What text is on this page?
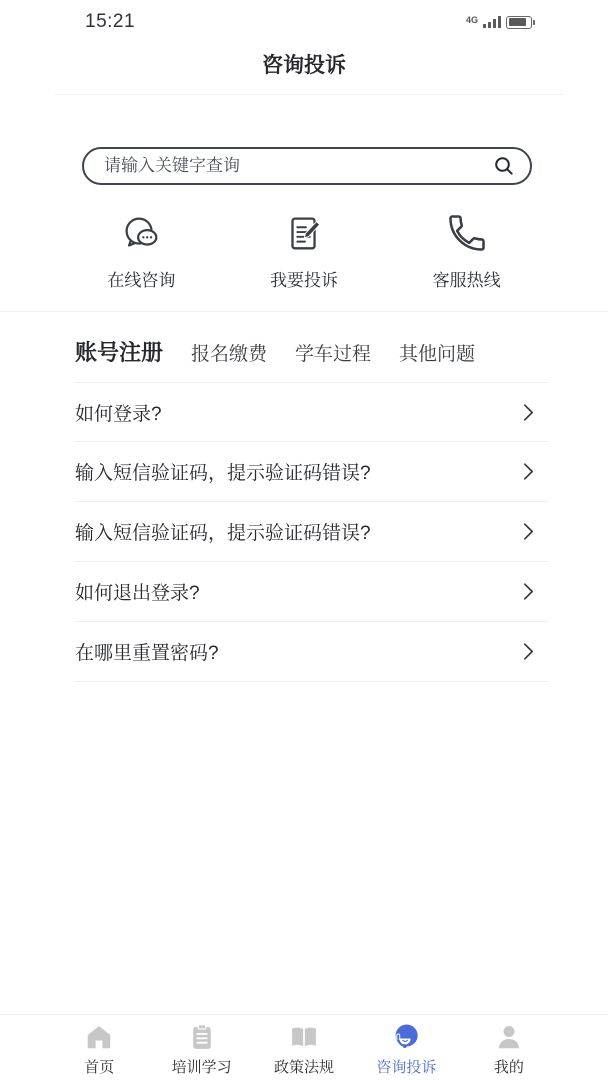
15:21	4G
咨询投诉
请输入关键字查询
在线咨询	我要投诉	客服热线
账号注册 报名缴费 学车过程 其他问题
如何登录?
输入短信验证码，提示验证码错误?
输入短信验证码，提示验证码错误?
如何退出登录?
在哪里重置密码?
首页	培训学习	政策法规	咨询投诉	我的
